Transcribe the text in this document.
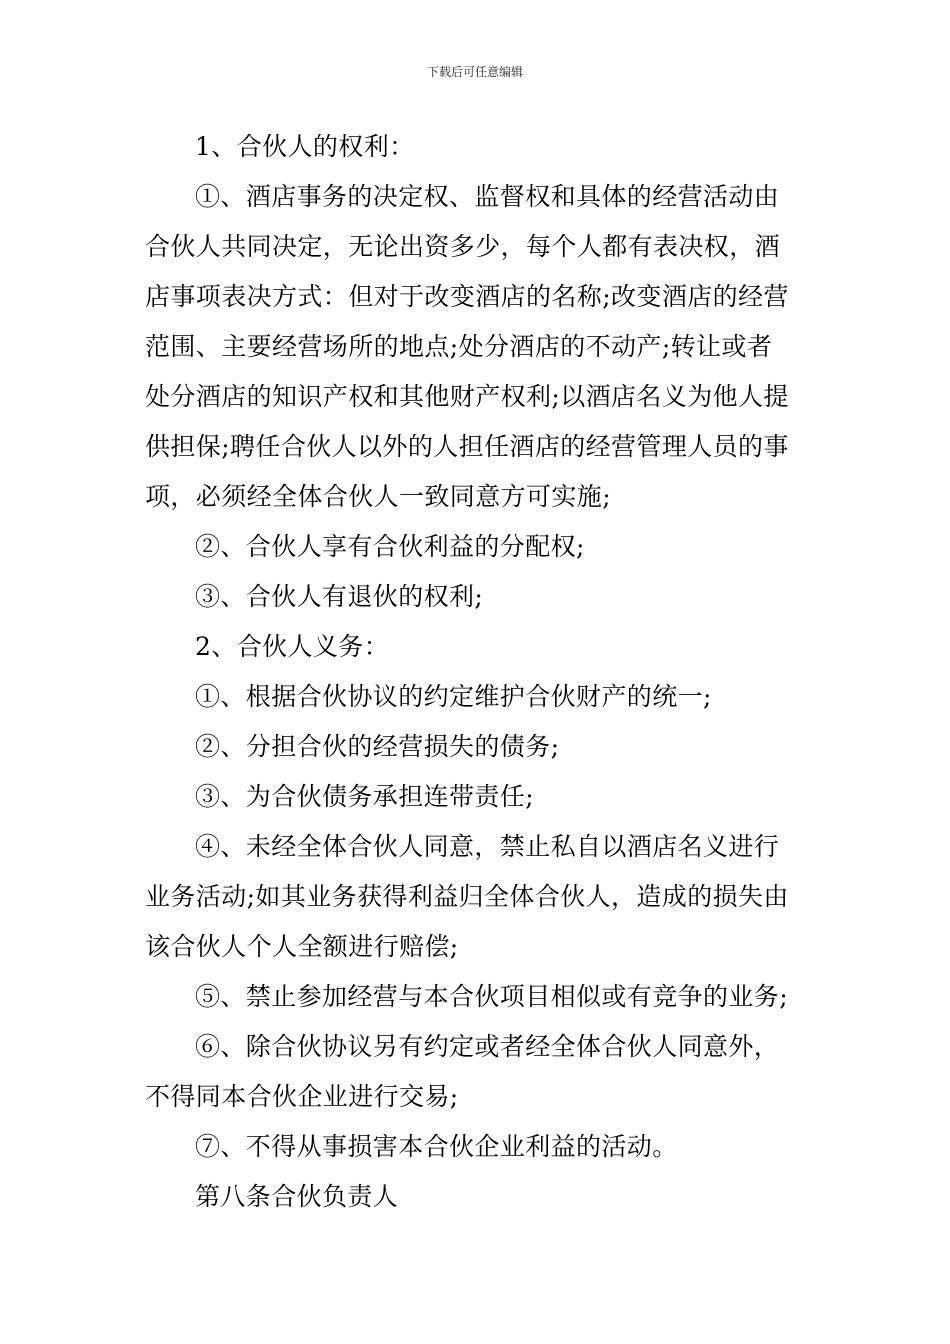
下载后可任意编辑

1、合伙人的权利：

①、酒店事务的决定权、监督权和具体的经营活动由
合伙人共同决定，无论出资多少，每个人都有表决权，酒
店事项表决方式：但对于改变酒店的名称;改变酒店的经营
范围、主要经营场所的地点;处分酒店的不动产;转让或者
处分酒店的知识产权和其他财产权利;以酒店名义为他人提
供担保;聘任合伙人以外的人担任酒店的经营管理人员的事
项，必须经全体合伙人一致同意方可实施;

②、合伙人享有合伙利益的分配权;

③、合伙人有退伙的权利;

2、合伙人义务：

①、根据合伙协议的约定维护合伙财产的统一;

②、分担合伙的经营损失的债务;

③、为合伙债务承担连带责任;

④、未经全体合伙人同意，禁止私自以酒店名义进行
业务活动;如其业务获得利益归全体合伙人，造成的损失由
该合伙人个人全额进行赔偿;

⑤、禁止参加经营与本合伙项目相似或有竞争的业务;

⑥、除合伙协议另有约定或者经全体合伙人同意外，
不得同本合伙企业进行交易;

⑦、不得从事损害本合伙企业利益的活动。

第八条合伙负责人
